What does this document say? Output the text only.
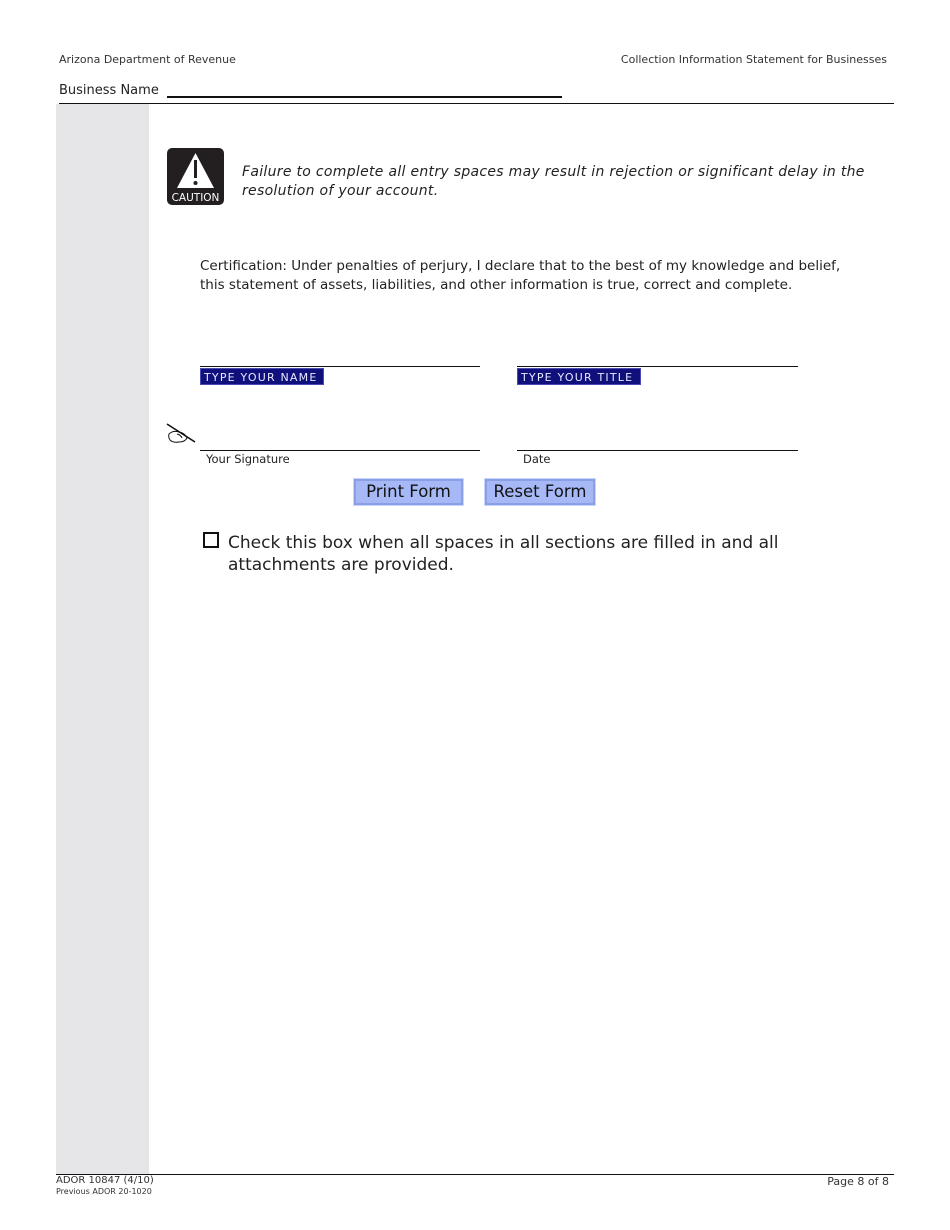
Arizona Department of Revenue	Collection Information Statement for Businesses
Business Name
CAUTION
Failure to complete all entry spaces may result in rejection or significant delay in the resolution of your account.
Certification: Under penalties of perjury, I declare that to the best of my knowledge and belief, this statement of assets, liabilities, and other information is true, correct and complete.
TYPE YOUR NAME	TYPE YOUR TITLE
Your Signature	Date
Print Form	Reset Form
Check this box when all spaces in all sections are filled in and all attachments are provided.
ADOR 10847 (4/10)
Previous ADOR 20-1020
Page 8 of 8
